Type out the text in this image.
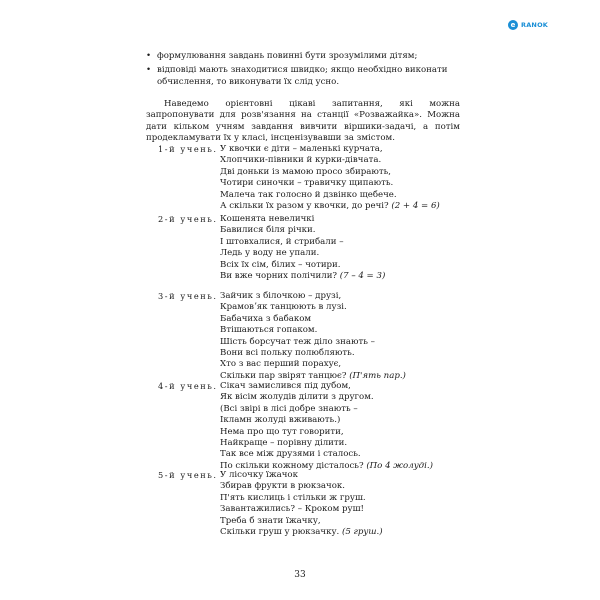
e RANOK
• формулювання завдань повинні бути зрозумілими дітям;
• відповіді мають знаходитися швидко; якщо необхідно виконати обчислення, то виконувати їх слід усно.
Наведемо орієнтовні цікаві запитання, які можна запропонувати для розв'язання на станції «Розважайка». Можна дати кільком учням завдання вивчити віршики-задачі, а потім продекламувати їх у класі, інсценізувавши за змістом.
1-й учень. У квочки є діти – маленькі курчата,
Хлопчики-півники й курки-дівчата.
Дві доньки із мамою просо збирають,
Чотири синочки – травичку щипають.
Малеча так голосно й дзвінко щебече.
А скільки їх разом у квочки, до речі? (2 + 4 = 6)
2-й учень. Кошенята невеличкі
Бавилися біля річки.
І штовхалися, й стрибали –
Ледь у воду не упали.
Всіх їх сім, білих – чотири.
Ви вже чорних полічили? (7 – 4 = 3)
3-й учень. Зайчик з білочкою – друзі,
Крамовʼяк танцюють в лузі.
Бабачиха з бабаком
Втішаються гопаком.
Шість борсучат теж діло знають –
Вони всі польку полюбляють.
Хто з вас перший порахує,
Скільки пар звірят танцює? (П'ять пар.)
4-й учень. Сікач замислився під дубом,
Як вісім жолудів ділити з другом.
(Всі звірі в лісі добре знають –
Ікламн жолуді вживають.)
Нема про що тут говорити,
Найкраще – порівну ділити.
Так все між друзями і сталось.
По скільки кожному дісталось? (По 4 жолуді.)
5-й учень. У лісочку їжачок
Збирав фрукти в рюкзачок.
П'ять кислиць і стільки ж груш.
Завантажились? – Кроком руш!
Треба б знати їжачку,
Скільки груш у рюкзачку. (5 груш.)
33
